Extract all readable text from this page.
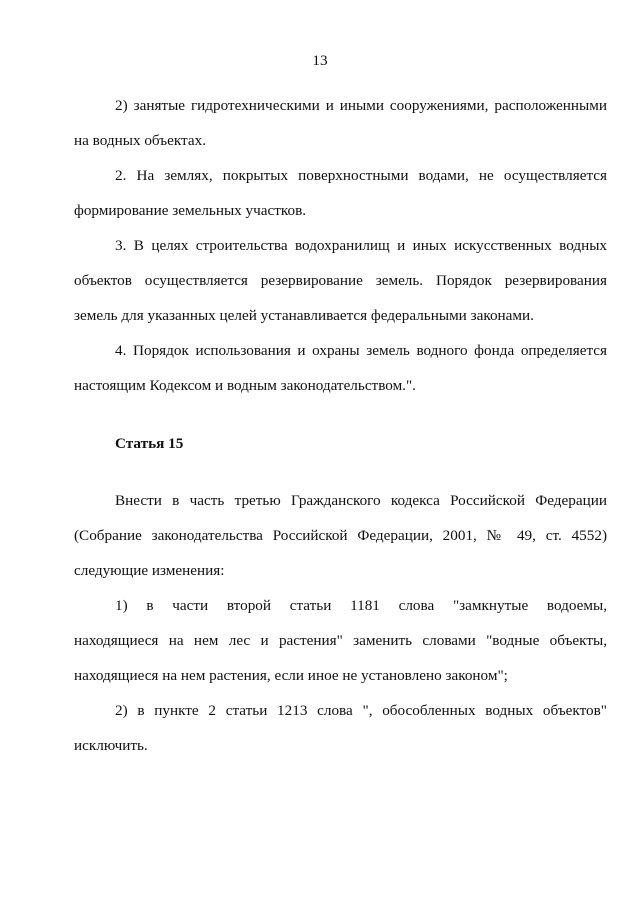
13
2) занятые гидротехническими и иными сооружениями, расположенными
на водных объектах.
2. На землях, покрытых поверхностными водами, не осуществляется
формирование земельных участков.
3. В целях строительства водохранилищ и иных искусственных водных
объектов осуществляется резервирование земель. Порядок резервирования
земель для указанных целей устанавливается федеральными законами.
4. Порядок использования и охраны земель водного фонда определяется
настоящим Кодексом и водным законодательством.".
Статья 15
Внести в часть третью Гражданского кодекса Российской Федерации
(Собрание законодательства Российской Федерации, 2001, № 49, ст. 4552)
следующие изменения:
1) в части второй статьи 1181 слова "замкнутые водоемы,
находящиеся на нем лес и растения" заменить словами "водные объекты,
находящиеся на нем растения, если иное не установлено законом";
2) в пункте 2 статьи 1213 слова ", обособленных водных объектов"
исключить.
